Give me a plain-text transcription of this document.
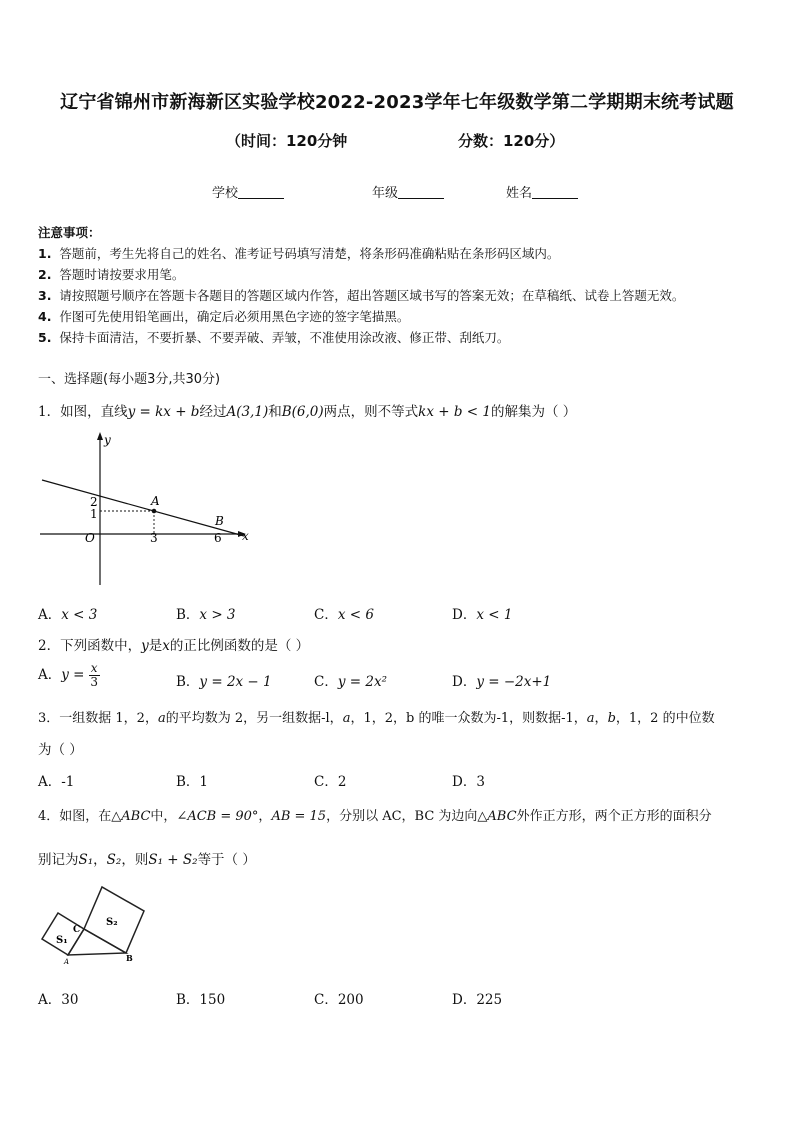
辽宁省锦州市新海新区实验学校2022-2023学年七年级数学第二学期期末统考试题
（时间：120分钟	分数：120分）
学校	年级	姓名
注意事项：
1. 答题前，考生先将自己的姓名、准考证号码填写清楚，将条形码准确粘贴在条形码区域内。
2. 答题时请按要求用笔。
3. 请按照题号顺序在答题卡各题目的答题区域内作答，超出答题区域书写的答案无效；在草稿纸、试卷上答题无效。
4. 作图可先使用铅笔画出，确定后必须用黑色字迹的签字笔描黑。
5. 保持卡面清洁，不要折暴、不要弄破、弄皱，不准使用涂改液、修正带、刮纸刀。
一、选择题(每小题3分,共30分)
1．如图，直线y = kx + b经过A(3,1)和B(6,0)两点，则不等式kx + b < 1的解集为（ ）
y
x
O
2
1
3	6
A
B
A．x < 3	B．x > 3	C．x < 6	D．x < 1
2．下列函数中，y是x的正比例函数的是（ ）
A．$y = \frac{x}{3}$	B．y = 2x − 1	C．y = 2x²	D．y = −2x+1
3．一组数据 1，2，a的平均数为 2，另一组数据-l，a，1，2，b 的唯一众数为-1，则数据-1，a，b，1，2 的中位数
为（ ）
A．-1	B．1	C．2	D．3
4．如图，在△ABC中，∠ACB = 90°，AB = 15，分别以 AC，BC 为边向△ABC外作正方形，两个正方形的面积分
别记为S₁，S₂，则S₁ + S₂等于（ ）
C
A	B
S₁
S₂
A．30	B．150	C．200	D．225
